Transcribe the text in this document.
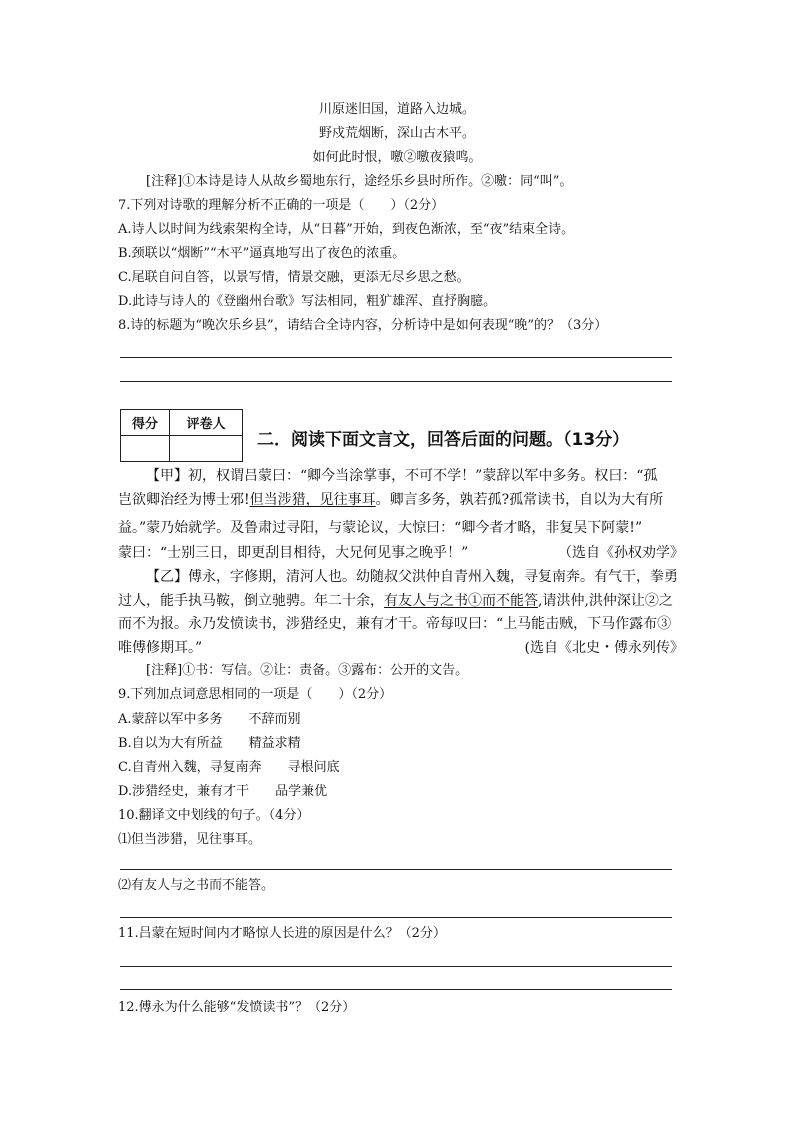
川原迷旧国，道路入边城。

野戍荒烟断，深山古木平。

如何此时恨，噭②噭夜猿鸣。

[注释]①本诗是诗人从故乡蜀地东行，途经乐乡县时所作。②噭：同“叫”。

7.下列对诗歌的理解分析不正确的一项是（　　）（2分）

A.诗人以时间为线索架构全诗，从“日暮”开始，到夜色渐浓，至“夜”结束全诗。

B.颈联以“烟断”“木平”逼真地写出了夜色的浓重。

C.尾联自问自答，以景写情，情景交融，更添无尽乡思之愁。

D.此诗与诗人的《登幽州台歌》写法相同，粗犷雄浑、直抒胸臆。

8.诗的标题为“晚次乐乡县”，请结合全诗内容，分析诗中是如何表现“晚”的？（3分）

得分	评卷人

二．阅读下面文言文，回答后面的问题。（13分）

【甲】初，权谓吕蒙曰：“卿今当涂掌事，不可不学！”蒙辞以军中多务。权曰：“孤

岂欲卿治经为博士邪!但当涉猎，见往事耳。卿言多务，孰若孤?孤常读书，自以为大有所

益。”蒙乃始就学。及鲁肃过寻阳，与蒙论议，大惊曰：“卿今者才略，非复吴下阿蒙!”

蒙曰：“士别三日，即更刮目相待，大兄何见事之晚乎！”	（选自《孙权劝学》

【乙】傅永，字修期，清河人也。幼随叔父洪仲自青州入魏，寻复南奔。有气干，拳勇

过人，能手执马鞍，倒立驰骋。年二十余，有友人与之书①而不能答,请洪仲,洪仲深让②之

而不为报。永乃发愤读书，涉猎经史，兼有才干。帝每叹曰：“上马能击贼，下马作露布③

唯傅修期耳。”	(选自《北史・傅永列传》

[注释]①书：写信。②让：责备。③露布：公开的文告。

9.下列加点词意思相同的一项是（　　）（2分）

A.蒙辞以军中多务　　不辞而别

B.自以为大有所益　　精益求精

C.自青州入魏，寻复南奔　　寻根问底

D.涉猎经史，兼有才干　　品学兼优

10.翻译文中划线的句子。（4分）

⑴但当涉猎，见往事耳。

⑵有友人与之书而不能答。

11.吕蒙在短时间内才略惊人长进的原因是什么？（2分）

12.傅永为什么能够“发愤读书”？（2分）
